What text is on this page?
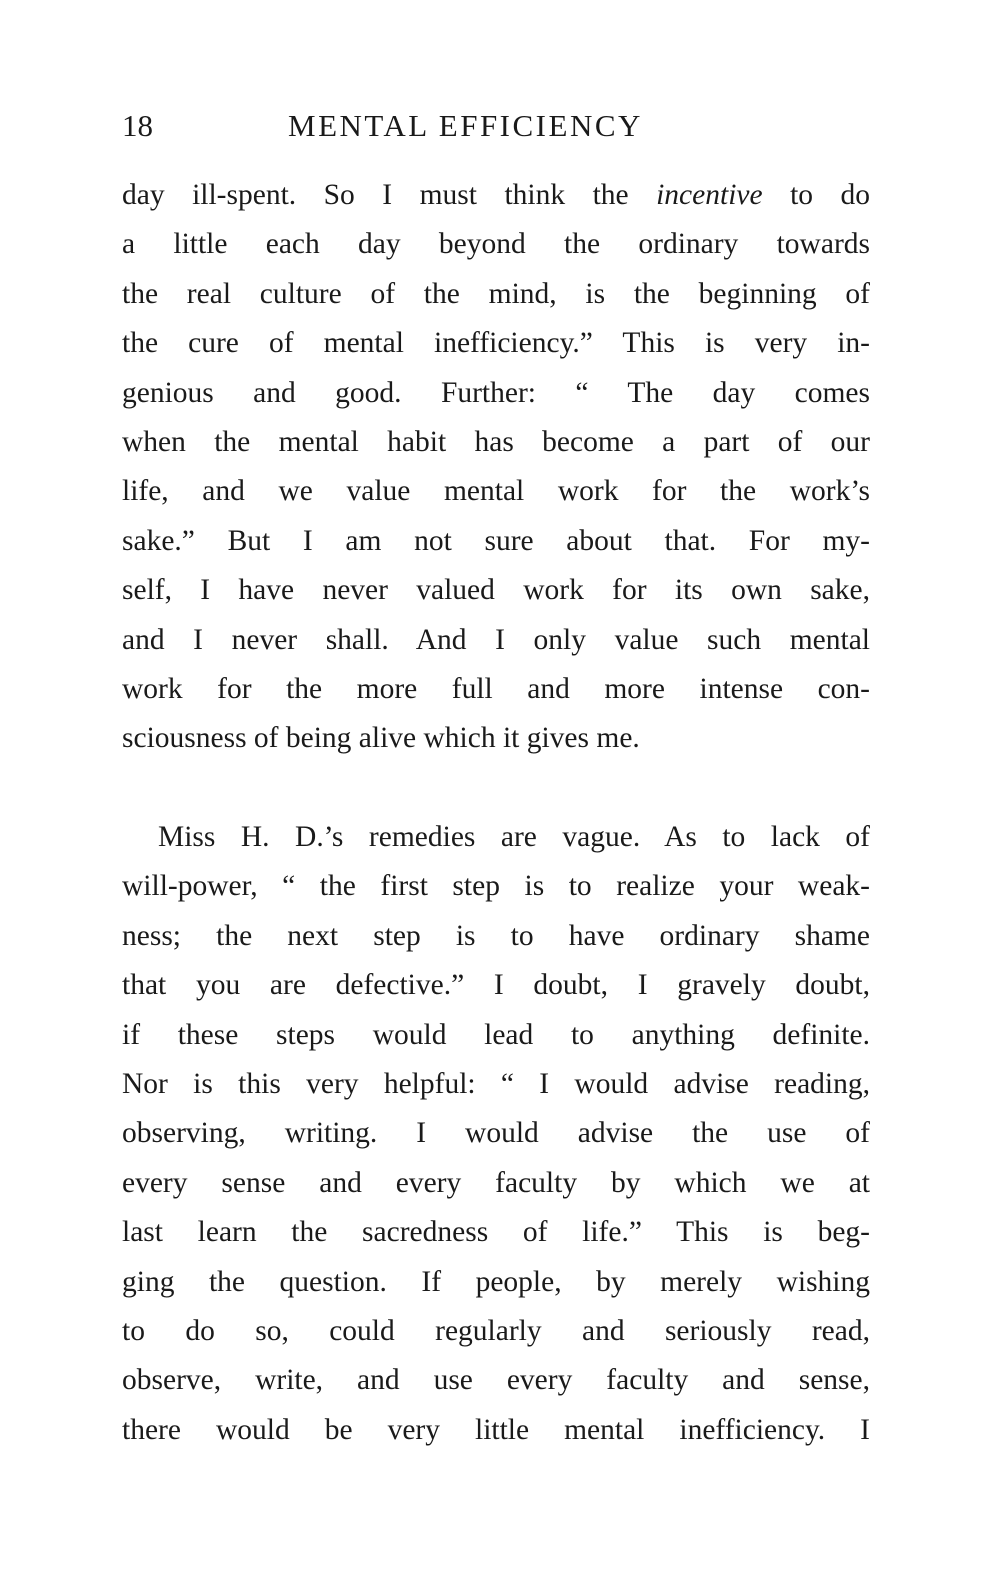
18	MENTAL EFFICIENCY
day ill-spent. So I must think the incentive to do
a little each day beyond the ordinary towards
the real culture of the mind, is the beginning of
the cure of mental inefficiency.” This is very in-
genious and good. Further: “ The day comes
when the mental habit has become a part of our
life, and we value mental work for the work’s
sake.” But I am not sure about that. For my-
self, I have never valued work for its own sake,
and I never shall. And I only value such mental
work for the more full and more intense con-
sciousness of being alive which it gives me.
Miss H. D.’s remedies are vague. As to lack of
will-power, “ the first step is to realize your weak-
ness; the next step is to have ordinary shame
that you are defective.” I doubt, I gravely doubt,
if these steps would lead to anything definite.
Nor is this very helpful: “ I would advise reading,
observing, writing. I would advise the use of
every sense and every faculty by which we at
last learn the sacredness of life.” This is beg-
ging the question. If people, by merely wishing
to do so, could regularly and seriously read,
observe, write, and use every faculty and sense,
there would be very little mental inefficiency. I
